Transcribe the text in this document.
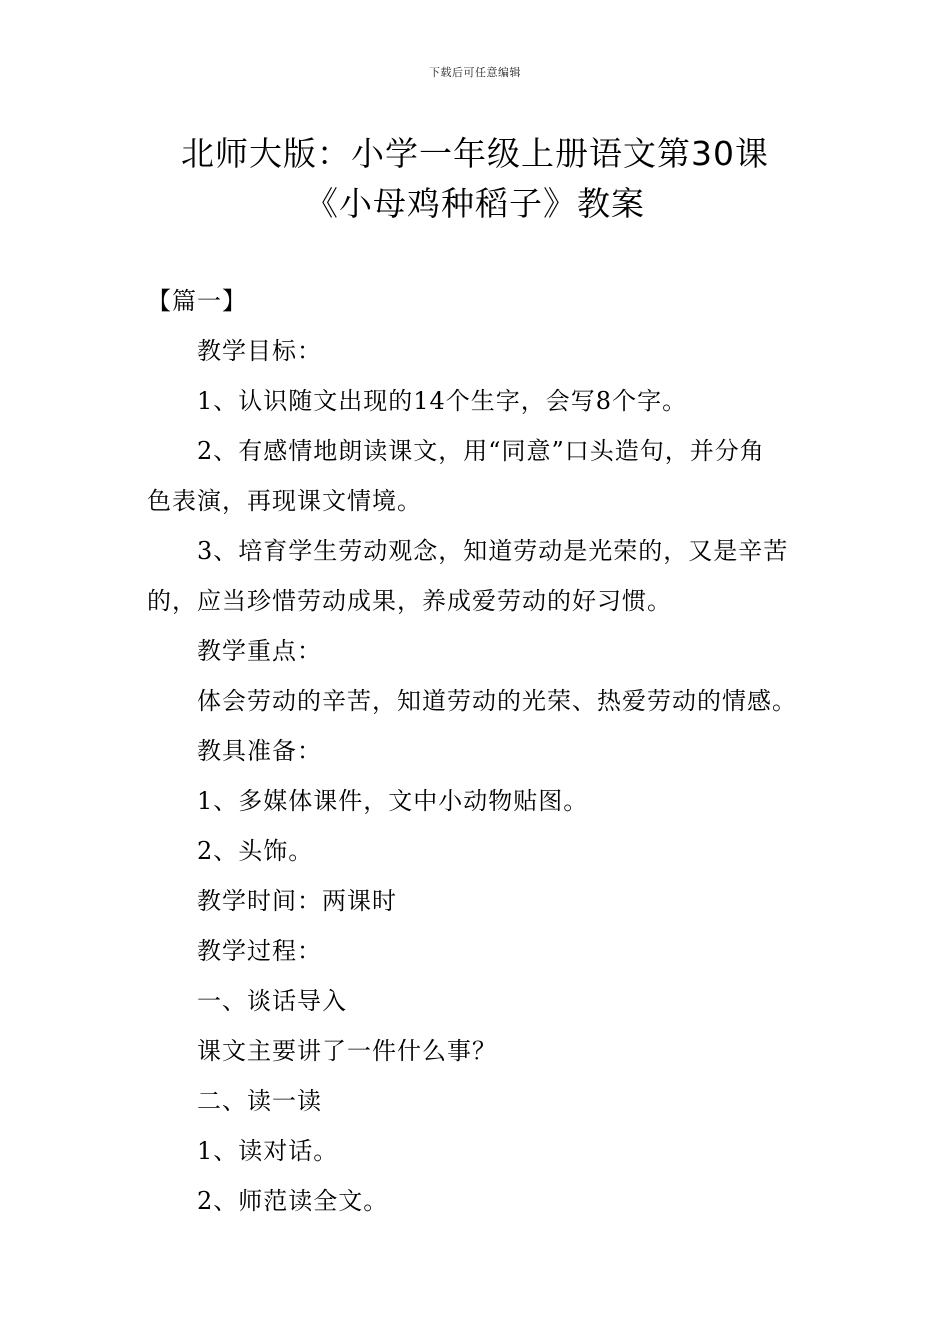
下载后可任意编辑
北师大版：小学一年级上册语文第30课
《小母鸡种稻子》教案
【篇一】
教学目标：
1、认识随文出现的14个生字，会写8个字。
2、有感情地朗读课文，用“同意”口头造句，并分角
色表演，再现课文情境。
3、培育学生劳动观念，知道劳动是光荣的，又是辛苦
的，应当珍惜劳动成果，养成爱劳动的好习惯。
教学重点：
体会劳动的辛苦，知道劳动的光荣、热爱劳动的情感。
教具准备：
1、多媒体课件，文中小动物贴图。
2、头饰。
教学时间：两课时
教学过程：
一、谈话导入
课文主要讲了一件什么事？
二、读一读
1、读对话。
2、师范读全文。
